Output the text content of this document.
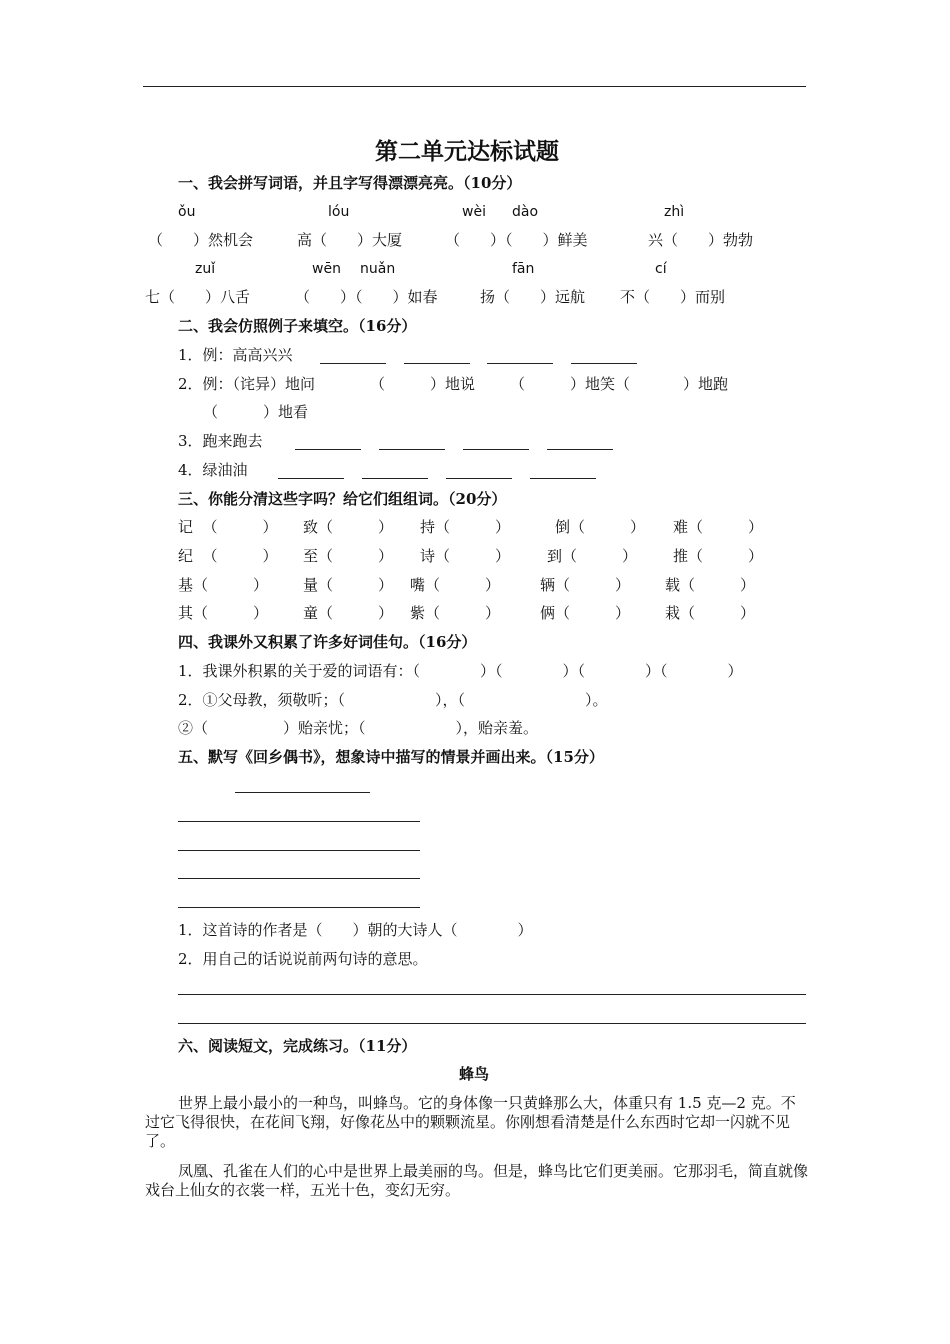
第二单元达标试题
一、我会拼写词语，并且字写得漂漂亮亮。（10分）
ǒu	lóu	wèi dào	zhì
（　　）然机会	高（　　）大厦	（　　）（　　）鲜美	兴（　　）勃勃
zuǐ	wēn nuǎn	fān	cí
七（　　）八舌	（　　）（　　）如春	扬（　　）远航 不（　　）而别
二、我会仿照例子来填空。（16分）
1．例：高高兴兴
2．例：（诧异）地问	（　　　）地说 （　　　）地笑（	）地跑
（　　　）地看
3．跑来跑去
4．绿油油
三、你能分清这些字吗？给它们组组词。（20分）
记  （　　　） 致（　　　） 持（　　　）	倒（　　　） 难（　　　）
纪  （　　　） 至（　　　） 诗（　　　） 到（　　　） 推（　　　）
基（　　　） 量（　　　） 嘴（　　　）	辆（　　　） 载（　　　）
其（　　　） 童（　　　） 紫（　　　）	俩（　　　） 栽（　　　）
四、我课外又积累了许多好词佳句。（16分）
1．我课外积累的关于爱的词语有：（　　　　）（　　　　）（　　　　）（　　　　）
2．①父母教，须敬听；（　　　　　　），（　　　　　　　　）。
②（　　　　　）贻亲忧；（　　　　　　），贻亲羞。
五、默写《回乡偶书》，想象诗中描写的情景并画出来。（15分）
1．这首诗的作者是（　　）朝的大诗人（　　　　）
2．用自己的话说说前两句诗的意思。
六、阅读短文，完成练习。（11分）
蜂鸟
世界上最小最小的一种鸟，叫蜂鸟。它的身体像一只黄蜂那么大，体重只有 1.5 克—2 克。不过它飞得很快，在花间飞翔，好像花丛中的颗颗流星。你刚想看清楚是什么东西时它却一闪就不见了。
凤凰、孔雀在人们的心中是世界上最美丽的鸟。但是，蜂鸟比它们更美丽。它那羽毛，简直就像戏台上仙女的衣裳一样，五光十色，变幻无穷。
